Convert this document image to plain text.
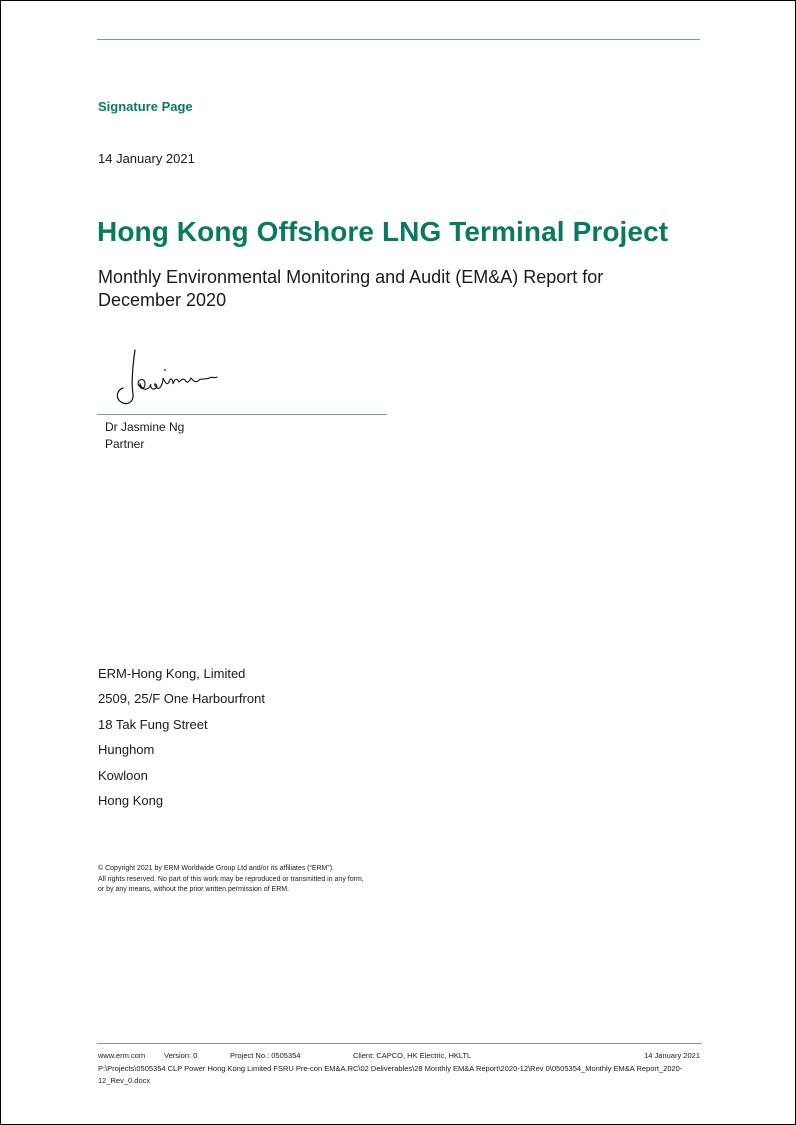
Signature Page
14 January 2021
Hong Kong Offshore LNG Terminal Project
Monthly Environmental Monitoring and Audit (EM&A) Report for
December 2020
Dr Jasmine Ng
Partner
ERM-Hong Kong, Limited
2509, 25/F One Harbourfront
18 Tak Fung Street
Hunghom
Kowloon
Hong Kong
© Copyright 2021 by ERM Worldwide Group Ltd and/or its affiliates (“ERM”).
All rights reserved. No part of this work may be reproduced or transmitted in any form,
or by any means, without the prior written permission of ERM.
www.erm.com	Version: 0	Project No.: 0505354	Client: CAPCO, HK Electric, HKLTL	14 January 2021
P:\Projects\0505354 CLP Power Hong Kong Limited FSRU Pre-con EM&A.RC\02 Deliverables\28 Monthly EM&A Report\2020-12\Rev 0\0505354_Monthly EM&A Report_2020-12_Rev_0.docx
